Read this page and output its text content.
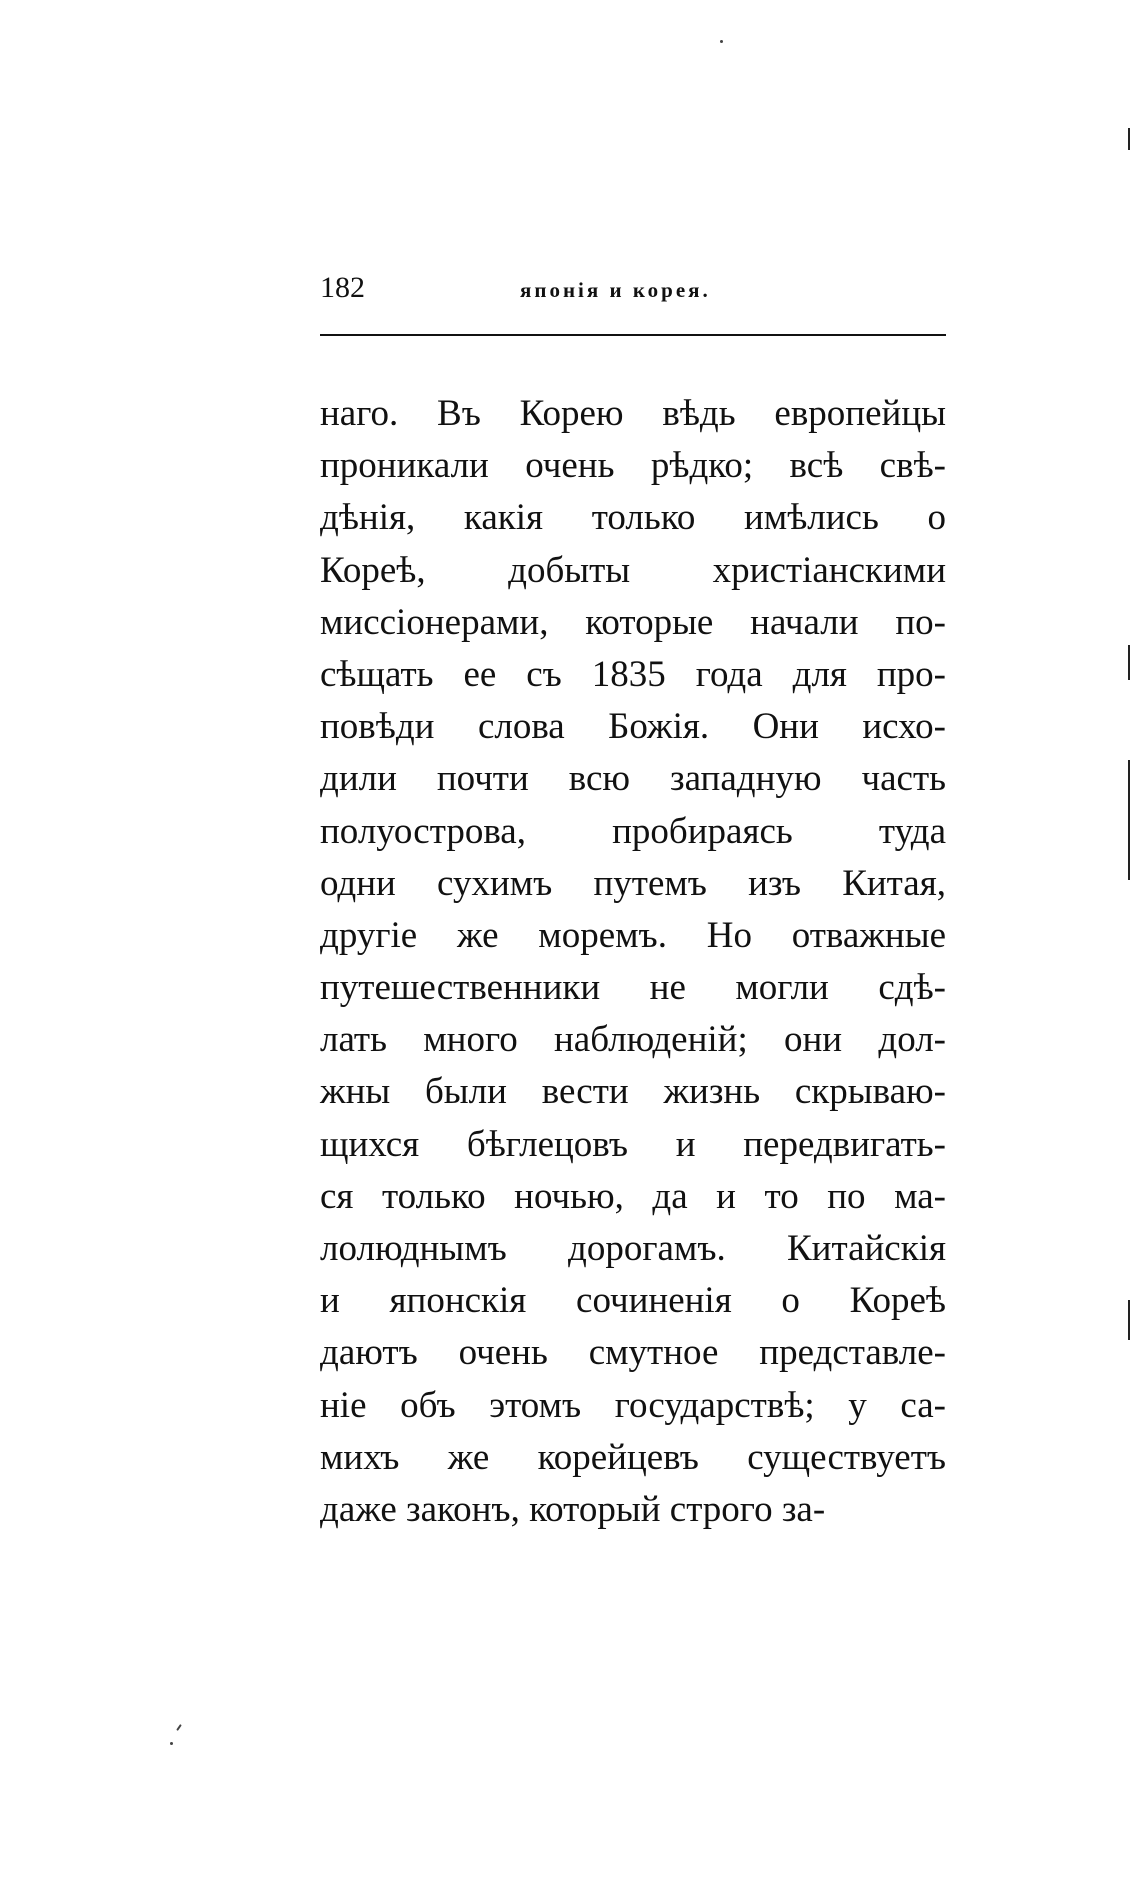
182	японія и корея.
наго. Въ Корею вѣдь европейцы
проникали очень рѣдко; всѣ свѣ-
дѣнія, какія только имѣлись о
Кореѣ, добыты христіанскими
миссіонерами, которые начали по-
сѣщать ее съ 1835 года для про-
повѣди слова Божія. Они исхо-
дили почти всю западную часть
полуострова, пробираясь туда
одни сухимъ путемъ изъ Китая,
другіе же моремъ. Но отважные
путешественники не могли сдѣ-
лать много наблюденій; они дол-
жны были вести жизнь скрываю-
щихся бѣглецовъ и передвигать-
ся только ночью, да и то по ма-
лолюднымъ дорогамъ. Китайскія
и японскія сочиненія о Кореѣ
даютъ очень смутное представле-
ніе объ этомъ государствѣ; у са-
михъ же корейцевъ существуетъ
даже законъ, который строго за-
